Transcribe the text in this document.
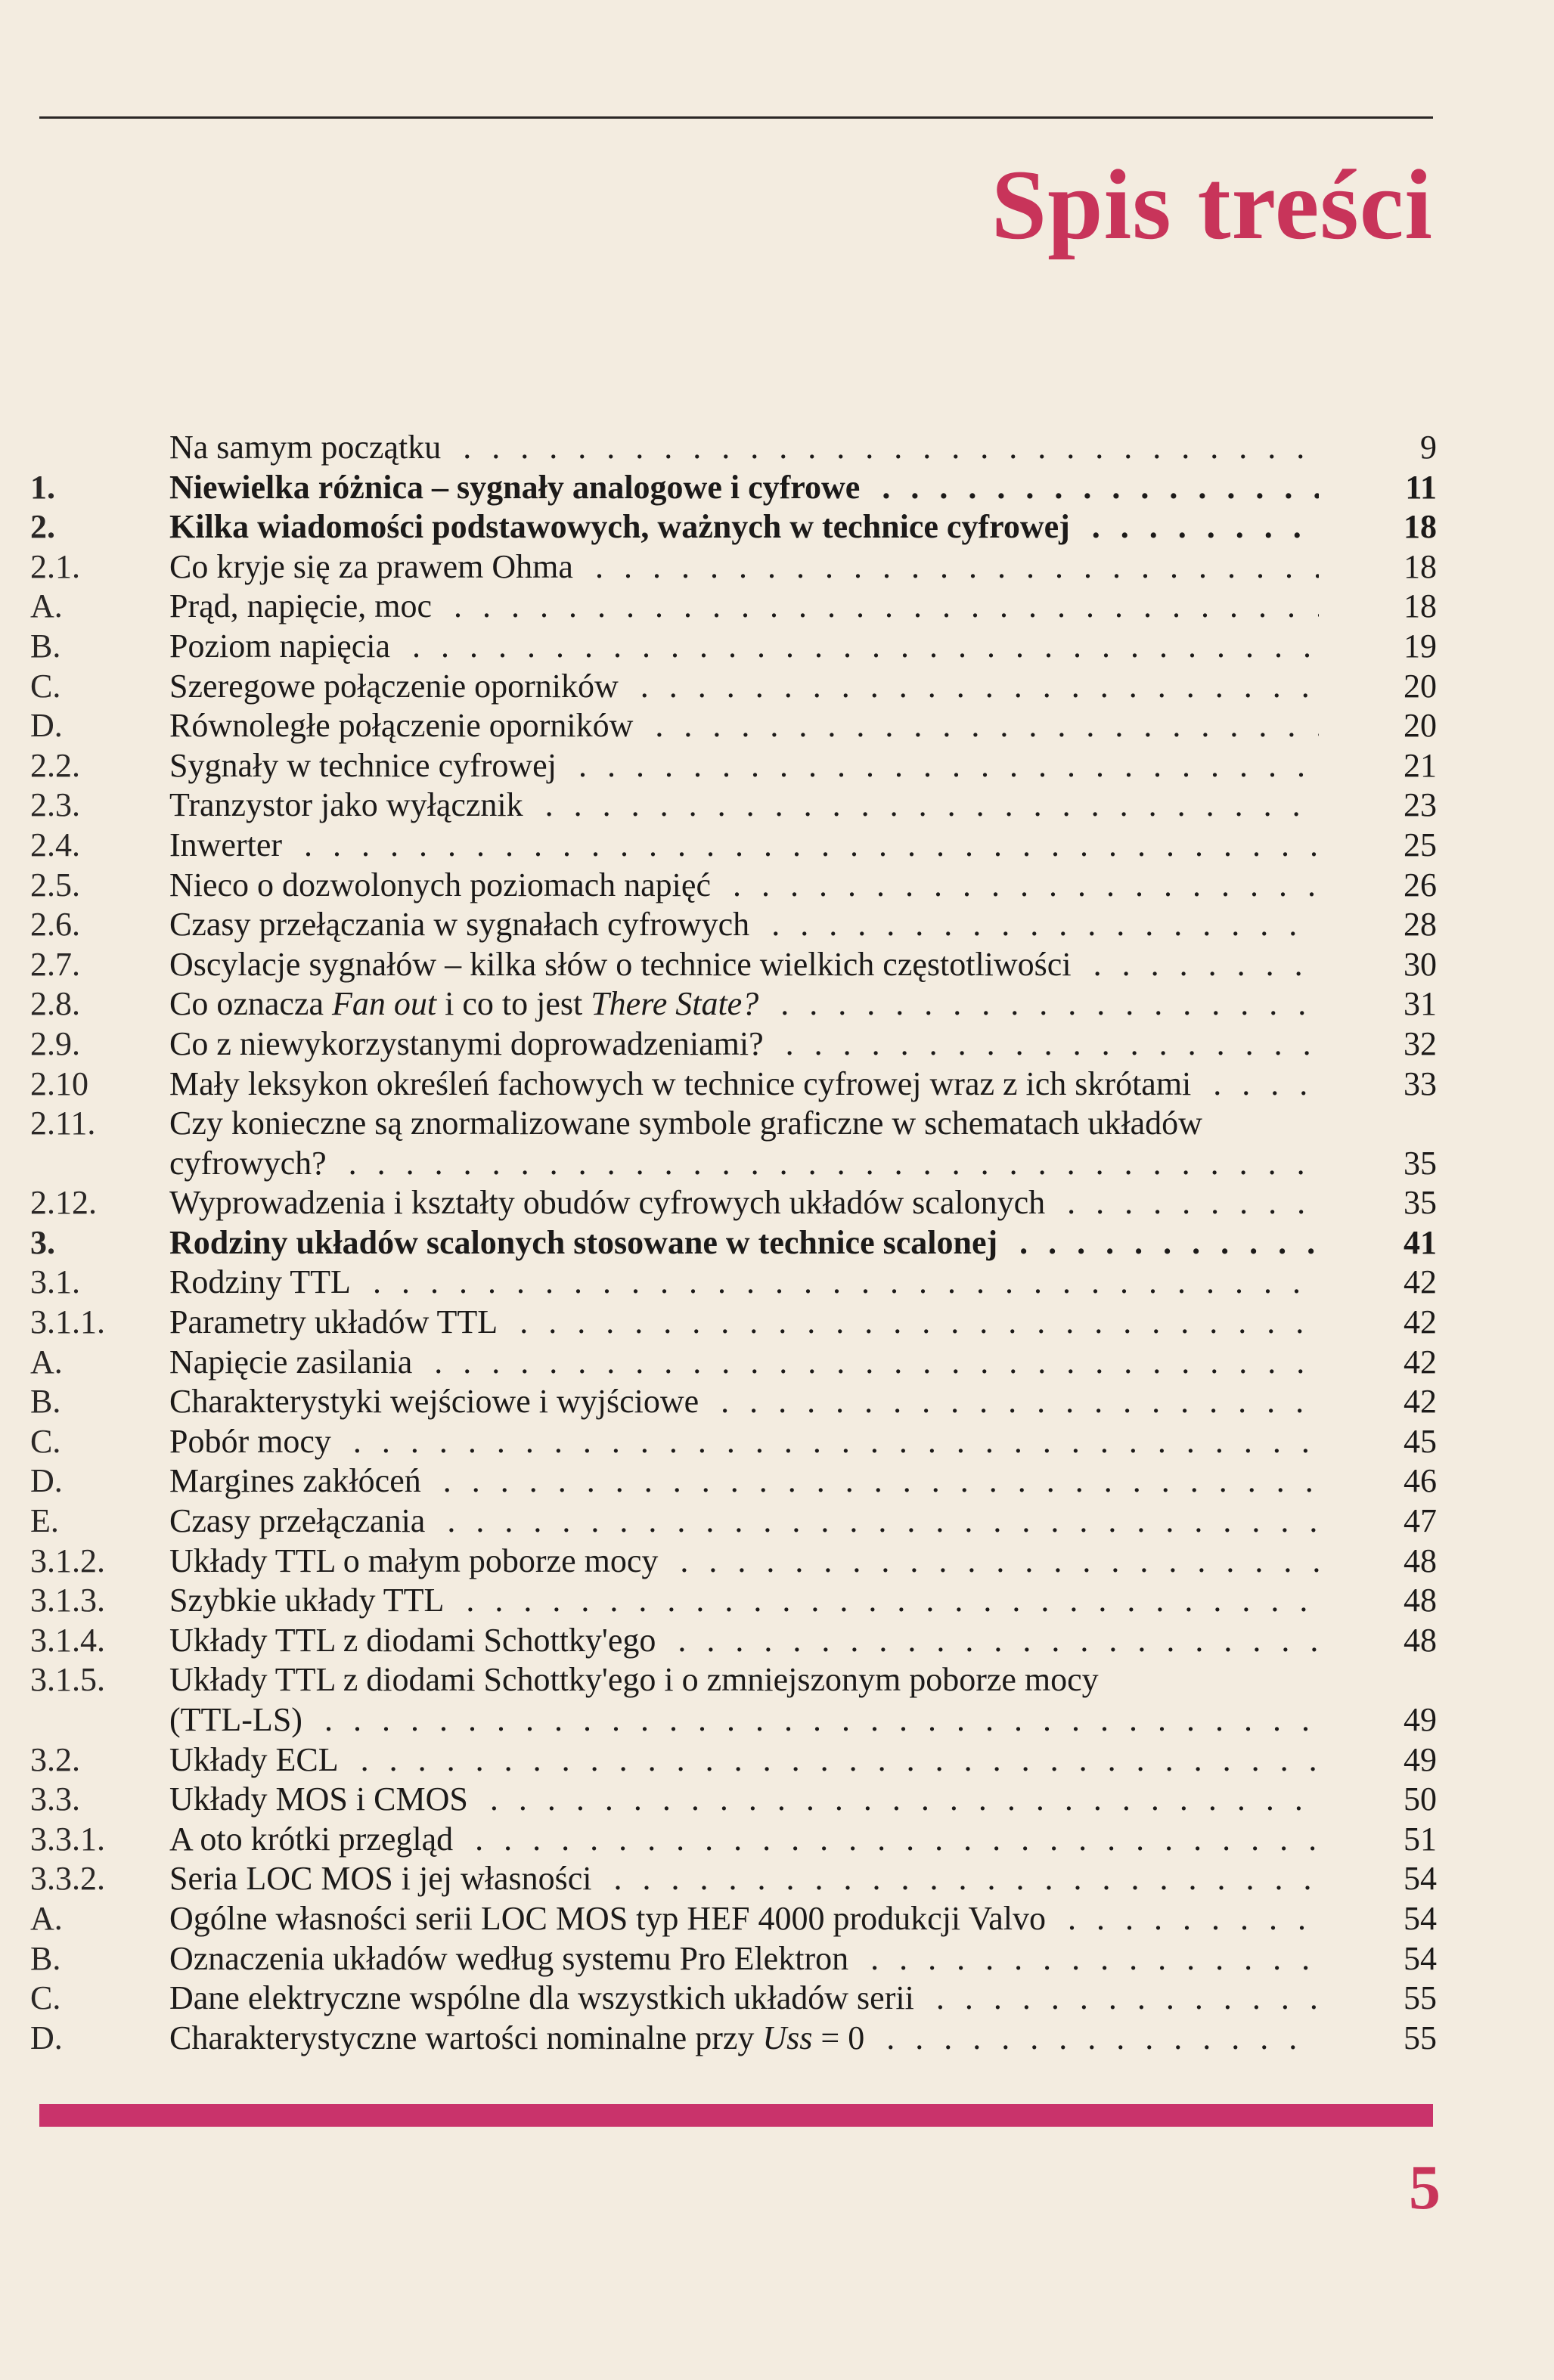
Spis treści
Na samym początku . . .	9
1.	Niewielka różnica – sygnały analogowe i cyfrowe . . .	11
2.	Kilka wiadomości podstawowych, ważnych w technice cyfrowej . . .	18
2.1.	Co kryje się za prawem Ohma . . .	18
A.	Prąd, napięcie, moc . . .	18
B.	Poziom napięcia . . .	19
C.	Szeregowe połączenie oporników . . .	20
D.	Równoległe połączenie oporników . . .	20
2.2.	Sygnały w technice cyfrowej . . .	21
2.3.	Tranzystor jako wyłącznik . . .	23
2.4.	Inwerter . . .	25
2.5.	Nieco o dozwolonych poziomach napięć . . .	26
2.6.	Czasy przełączania w sygnałach cyfrowych . . .	28
2.7.	Oscylacje sygnałów – kilka słów o technice wielkich częstotliwości . . .	30
2.8.	Co oznacza Fan out i co to jest There State? . . .	31
2.9.	Co z niewykorzystanymi doprowadzeniami? . . .	32
2.10	Mały leksykon określeń fachowych w technice cyfrowej wraz z ich skrótami . . .	33
2.11.	Czy konieczne są znormalizowane symbole graficzne w schematach układów
cyfrowych? . . .	35
2.12.	Wyprowadzenia i kształty obudów cyfrowych układów scalonych . . .	35
3.	Rodziny układów scalonych stosowane w technice scalonej . . .	41
3.1.	Rodziny TTL . . .	42
3.1.1.	Parametry układów TTL . . .	42
A.	Napięcie zasilania . . .	42
B.	Charakterystyki wejściowe i wyjściowe . . .	42
C.	Pobór mocy . . .	45
D.	Margines zakłóceń . . .	46
E.	Czasy przełączania . . .	47
3.1.2.	Układy TTL o małym poborze mocy . . .	48
3.1.3.	Szybkie układy TTL . . .	48
3.1.4.	Układy TTL z diodami Schottky'ego . . .	48
3.1.5.	Układy TTL z diodami Schottky'ego i o zmniejszonym poborze mocy
(TTL-LS) . . .	49
3.2.	Układy ECL . . .	49
3.3.	Układy MOS i CMOS . . .	50
3.3.1.	A oto krótki przegląd . . .	51
3.3.2.	Seria LOC MOS i jej własności . . .	54
A.	Ogólne własności serii LOC MOS typ HEF 4000 produkcji Valvo . . .	54
B.	Oznaczenia układów według systemu Pro Elektron . . .	54
C.	Dane elektryczne wspólne dla wszystkich układów serii . . .	55
D.	Charakterystyczne wartości nominalne przy Uss = 0 . . .	55
5
